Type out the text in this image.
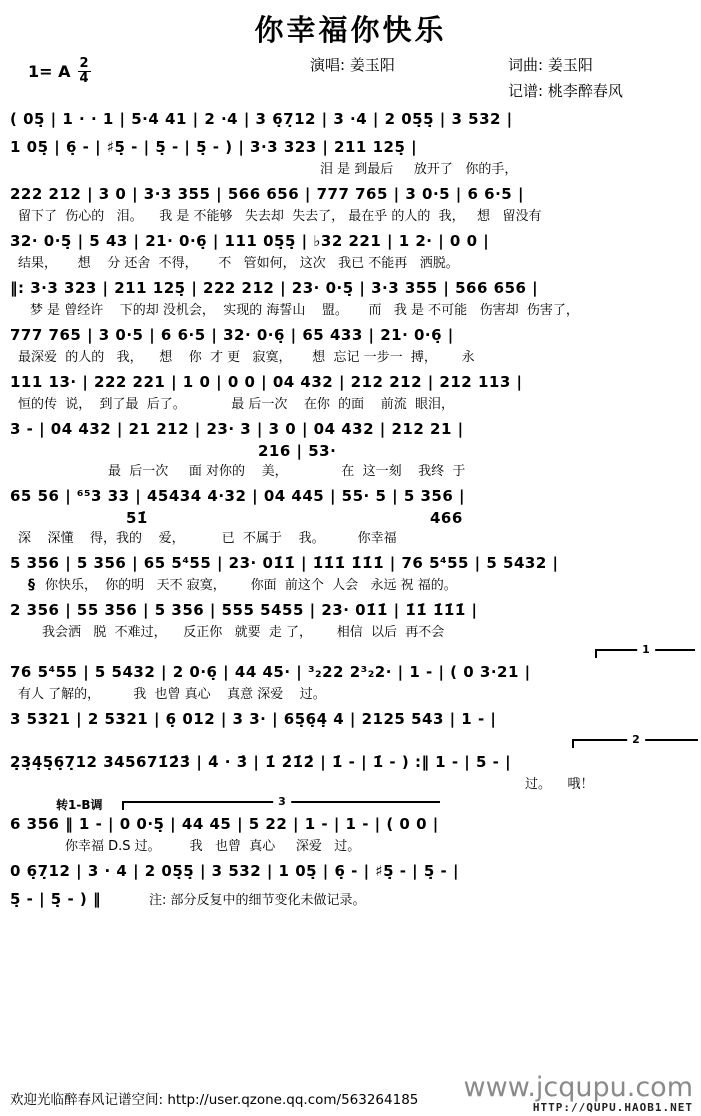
你幸福你快乐
1= A $\frac{2}{4}$	演唱: 姜玉阳	词曲: 姜玉阳
记谱: 桃李醉春风
( 05̣ | 1 · · 1 | 5·4 41 | 2 ·4 | 3 6̣7̣12 | 3 ·4 | 2 05̣5̣ | 3 532 |
1 05̣ | 6̣ - | ♯5̣ - | 5̣ - | 5̣ - ) | 3·3 323 | 211 125̣ |
泪 是 到最后     放开了   你的手，
222 212 | 3 0 | 3·3 355 | 566 656 | 777 765 | 3 0·5 | 6 6·5 |
留下了  伤心的   泪。    我 是 不能够   失去却  失去了， 最在乎 的人的  我，   想   留没有
32· 0·5̣ | 5 43 | 21· 0·6̣ | 111 05̣5̣ | ♭32 221 | 1 2· | 0 0 |
结果，     想    分 还舍  不得，     不   管如何， 这次   我已 不能再   洒脱。
‖: 3·3 323 | 211 125̣ | 222 212 | 23· 0·5̣ | 3·3 355 | 566 656 |
梦 是 曾经许    下的却 没机会，  实现的 海誓山    盟。     而   我 是 不可能   伤害却  伤害了，
777 765 | 3 0·5 | 6 6·5 | 32· 0·6̣ | 65 433 | 21· 0·6̣ |
最深爱  的人的   我，    想    你  才 更   寂寞，     想  忘记 一步一  搏，      永
111 13· | 222 221 | 1 0 | 0 0 | 04 432 | 212 212 | 212 113 |
恒的传  说，  到了最  后了。           最 后一次    在你  的面    前流  眼泪，
3 - | 04 432 | 21 212 | 23· 3 | 3 0 | 04 432 | 212 21 |
216 | 53·
最  后一次     面 对你的    美，             在  这一刻    我终  于
65 56 | ⁶⁵3 33 | 45434 4·32 | 04 445 | 55· 5 | 5 356 |
51̇	466
深    深懂    得，我的    爱，         已  不属于    我。        你幸福
5 356 | 5 356 | 65 5⁴55 | 23· 01̇1̇ | 1̇1̇1̇ 1̇1̇1̇ | 76 5⁴55 | 5 5432 |
§ 你快乐，  你的明   天不 寂寞，      你面  前这个  人会   永远 祝 福的。
2 356 | 55 356 | 5 356 | 555 5455 | 23· 01̇1̇ | 1̇1̇ 1̇1̇1̇ |
我会洒   脱  不难过，    反正你   就要  走 了，      相信  以后  再不会
1
76 5⁴55 | 5 5432 | 2 0·6̣ | 44 45· | ³₂22 2³₂2· | 1 - | ( 0 3·21 |
有人 了解的，        我  也曾 真心    真意 深爱    过。
3 5321 | 2 5321 | 6̣ 012 | 3 3· | 65̣6̣4̣ 4 | 2125 543 | 1 - |
2
2̣3̣4̣5̣6̣7̣12 345671̇2̇3̇ | 4̇ · 3̇ | 1̇ 2̇1̇2̇ | 1̇ - | 1̇ - ) :‖ 1 - | 5 - |
过。    哦！
转1-B调	3
6 356 ‖ 1 - | 0 0·5̣ | 44 45 | 5 22 | 1 - | 1 - | ( 0 0 |
你幸福 D.S 过。       我   也曾  真心     深爱   过。
0 6̣7̣12 | 3 · 4 | 2 05̣5̣ | 3 532 | 1 05̣ | 6̣ - | ♯5̣ - | 5̣ - |
5̣ - | 5̣ - ) ‖	注: 部分反复中的细节变化未做记录。
欢迎光临醉春风记谱空间: http://user.qzone.qq.com/563264185 www.jcqupu.com
HTTP://QUPU.HAOB1.NET
